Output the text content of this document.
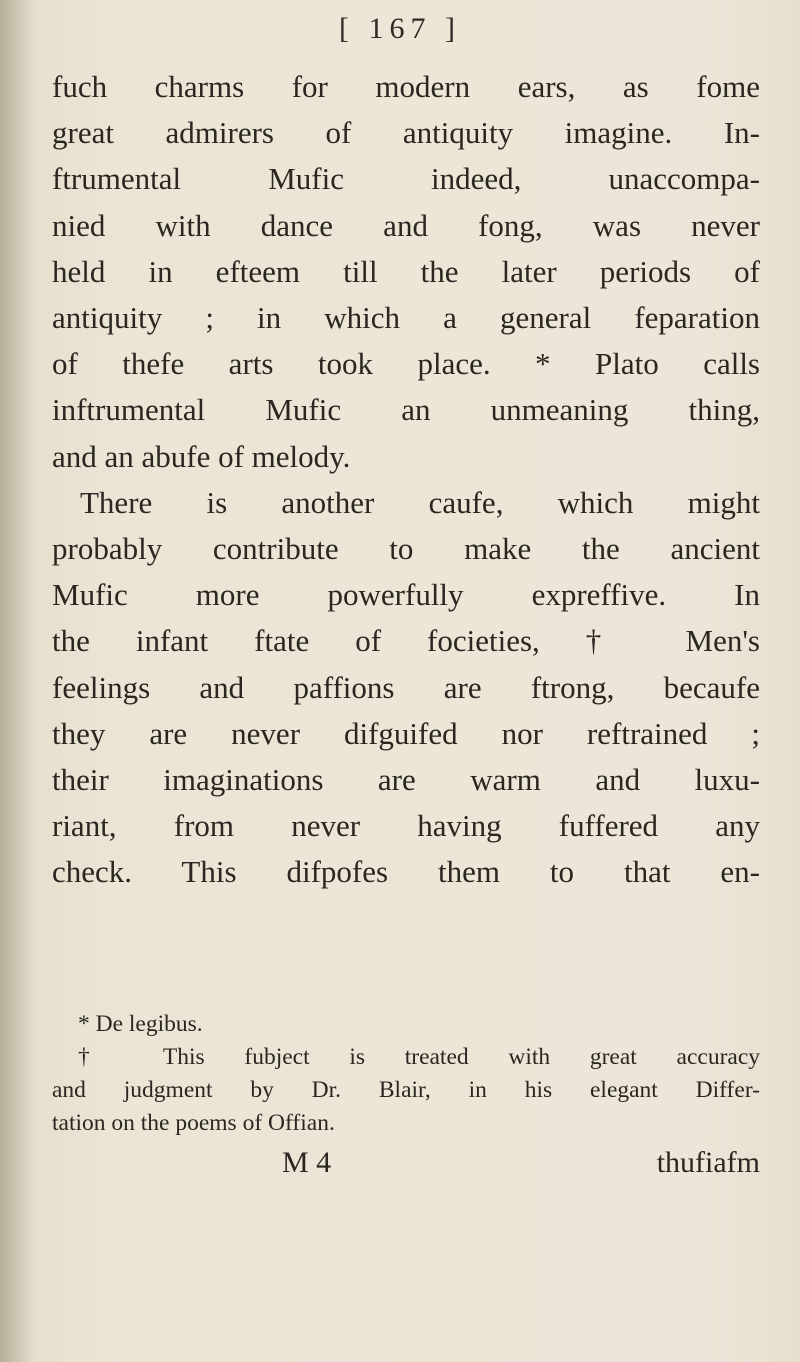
[ 167 ]
fuch charms for modern ears, as fome
great admirers of antiquity imagine. In-
ftrumental Mufic indeed, unaccompa-
nied with dance and fong, was never
held in efteem till the later periods of
antiquity ; in which a general feparation
of thefe arts took place. * Plato calls
inftrumental Mufic an unmeaning thing,
and an abufe of melody.
There is another caufe, which might
probably contribute to make the ancient
Mufic more powerfully expreffive. In
the infant ftate of focieties, † Men's
feelings and paffions are ftrong, becaufe
they are never difguifed nor reftrained ;
their imaginations are warm and luxu-
riant, from never having fuffered any
check. This difpofes them to that en-
* De legibus.
† This fubject is treated with great accuracy
and judgment by Dr. Blair, in his elegant Differ-
tation on the poems of Offian.
M 4	thufiafm
